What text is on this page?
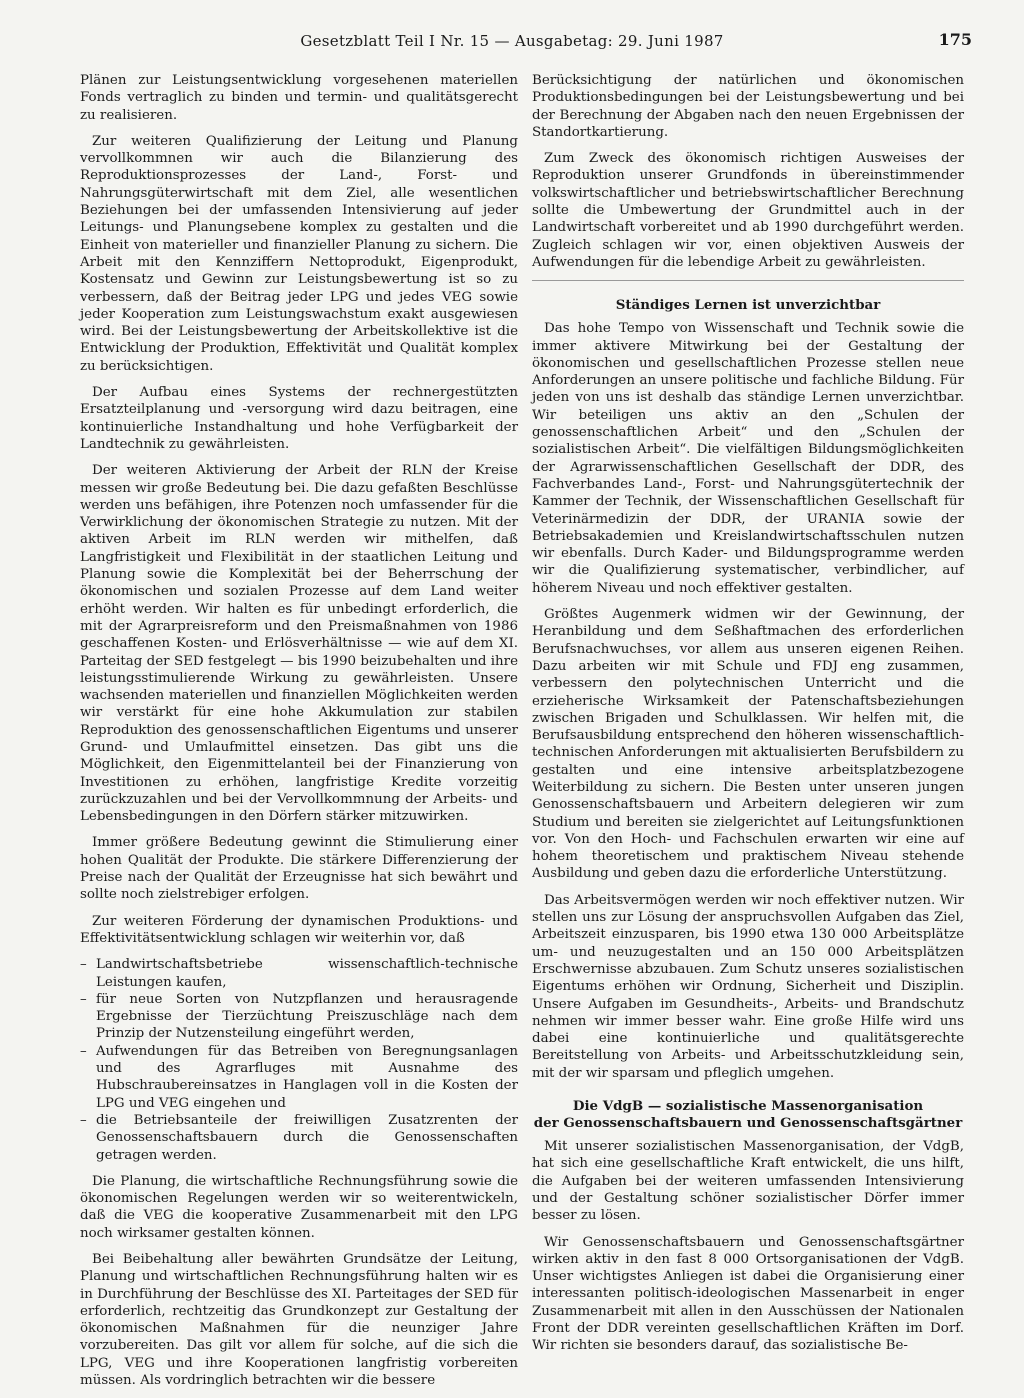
Gesetzblatt Teil I Nr. 15 — Ausgabetag: 29. Juni 1987	175

Plänen zur Leistungsentwicklung vorgesehenen materiellen Fonds vertraglich zu binden und termin- und qualitätsgerecht zu realisieren.

Zur weiteren Qualifizierung der Leitung und Planung vervollkommnen wir auch die Bilanzierung des Reproduktionsprozesses der Land-, Forst- und Nahrungsgüterwirtschaft mit dem Ziel, alle wesentlichen Beziehungen bei der umfassenden Intensivierung auf jeder Leitungs- und Planungsebene komplex zu gestalten und die Einheit von materieller und finanzieller Planung zu sichern. Die Arbeit mit den Kennziffern Nettoprodukt, Eigenprodukt, Kostensatz und Gewinn zur Leistungsbewertung ist so zu verbessern, daß der Beitrag jeder LPG und jedes VEG sowie jeder Kooperation zum Leistungswachstum exakt ausgewiesen wird. Bei der Leistungsbewertung der Arbeitskollektive ist die Entwicklung der Produktion, Effektivität und Qualität komplex zu berücksichtigen.

Der Aufbau eines Systems der rechnergestützten Ersatzteilplanung und -versorgung wird dazu beitragen, eine kontinuierliche Instandhaltung und hohe Verfügbarkeit der Landtechnik zu gewährleisten.

Der weiteren Aktivierung der Arbeit der RLN der Kreise messen wir große Bedeutung bei. Die dazu gefaßten Beschlüsse werden uns befähigen, ihre Potenzen noch umfassender für die Verwirklichung der ökonomischen Strategie zu nutzen. Mit der aktiven Arbeit im RLN werden wir mithelfen, daß Langfristigkeit und Flexibilität in der staatlichen Leitung und Planung sowie die Komplexität bei der Beherrschung der ökonomischen und sozialen Prozesse auf dem Land weiter erhöht werden. Wir halten es für unbedingt erforderlich, die mit der Agrarpreisreform und den Preismaßnahmen von 1986 geschaffenen Kosten- und Erlösverhältnisse — wie auf dem XI. Parteitag der SED festgelegt — bis 1990 beizubehalten und ihre leistungsstimulierende Wirkung zu gewährleisten. Unsere wachsenden materiellen und finanziellen Möglichkeiten werden wir verstärkt für eine hohe Akkumulation zur stabilen Reproduktion des genossenschaftlichen Eigentums und unserer Grund- und Umlaufmittel einsetzen. Das gibt uns die Möglichkeit, den Eigenmittelanteil bei der Finanzierung von Investitionen zu erhöhen, langfristige Kredite vorzeitig zurückzuzahlen und bei der Vervollkommnung der Arbeits- und Lebensbedingungen in den Dörfern stärker mitzuwirken.

Immer größere Bedeutung gewinnt die Stimulierung einer hohen Qualität der Produkte. Die stärkere Differenzierung der Preise nach der Qualität der Erzeugnisse hat sich bewährt und sollte noch zielstrebiger erfolgen.

Zur weiteren Förderung der dynamischen Produktions- und Effektivitätsentwicklung schlagen wir weiterhin vor, daß

– Landwirtschaftsbetriebe wissenschaftlich-technische Leistungen kaufen,
– für neue Sorten von Nutzpflanzen und herausragende Ergebnisse der Tierzüchtung Preiszuschläge nach dem Prinzip der Nutzensteilung eingeführt werden,
– Aufwendungen für das Betreiben von Beregnungsanlagen und des Agrarfluges mit Ausnahme des Hubschraubereinsatzes in Hanglagen voll in die Kosten der LPG und VEG eingehen und
– die Betriebsanteile der freiwilligen Zusatzrenten der Genossenschaftsbauern durch die Genossenschaften getragen werden.

Die Planung, die wirtschaftliche Rechnungsführung sowie die ökonomischen Regelungen werden wir so weiterentwickeln, daß die VEG die kooperative Zusammenarbeit mit den LPG noch wirksamer gestalten können.

Bei Beibehaltung aller bewährten Grundsätze der Leitung, Planung und wirtschaftlichen Rechnungsführung halten wir es in Durchführung der Beschlüsse des XI. Parteitages der SED für erforderlich, rechtzeitig das Grundkonzept zur Gestaltung der ökonomischen Maßnahmen für die neunziger Jahre vorzubereiten. Das gilt vor allem für solche, auf die sich die LPG, VEG und ihre Kooperationen langfristig vorbereiten müssen. Als vordringlich betrachten wir die bessere

Berücksichtigung der natürlichen und ökonomischen Produktionsbedingungen bei der Leistungsbewertung und bei der Berechnung der Abgaben nach den neuen Ergebnissen der Standortkartierung.

Zum Zweck des ökonomisch richtigen Ausweises der Reproduktion unserer Grundfonds in übereinstimmender volkswirtschaftlicher und betriebswirtschaftlicher Berechnung sollte die Umbewertung der Grundmittel auch in der Landwirtschaft vorbereitet und ab 1990 durchgeführt werden. Zugleich schlagen wir vor, einen objektiven Ausweis der Aufwendungen für die lebendige Arbeit zu gewährleisten.

Ständiges Lernen ist unverzichtbar

Das hohe Tempo von Wissenschaft und Technik sowie die immer aktivere Mitwirkung bei der Gestaltung der ökonomischen und gesellschaftlichen Prozesse stellen neue Anforderungen an unsere politische und fachliche Bildung. Für jeden von uns ist deshalb das ständige Lernen unverzichtbar. Wir beteiligen uns aktiv an den „Schulen der genossenschaftlichen Arbeit“ und den „Schulen der sozialistischen Arbeit“. Die vielfältigen Bildungsmöglichkeiten der Agrarwissenschaftlichen Gesellschaft der DDR, des Fachverbandes Land-, Forst- und Nahrungsgütertechnik der Kammer der Technik, der Wissenschaftlichen Gesellschaft für Veterinärmedizin der DDR, der URANIA sowie der Betriebsakademien und Kreislandwirtschaftsschulen nutzen wir ebenfalls. Durch Kader- und Bildungsprogramme werden wir die Qualifizierung systematischer, verbindlicher, auf höherem Niveau und noch effektiver gestalten.

Größtes Augenmerk widmen wir der Gewinnung, der Heranbildung und dem Seßhaftmachen des erforderlichen Berufsnachwuchses, vor allem aus unseren eigenen Reihen. Dazu arbeiten wir mit Schule und FDJ eng zusammen, verbessern den polytechnischen Unterricht und die erzieherische Wirksamkeit der Patenschaftsbeziehungen zwischen Brigaden und Schulklassen. Wir helfen mit, die Berufsausbildung entsprechend den höheren wissenschaftlich-technischen Anforderungen mit aktualisierten Berufsbildern zu gestalten und eine intensive arbeitsplatzbezogene Weiterbildung zu sichern. Die Besten unter unseren jungen Genossenschaftsbauern und Arbeitern delegieren wir zum Studium und bereiten sie zielgerichtet auf Leitungsfunktionen vor. Von den Hoch- und Fachschulen erwarten wir eine auf hohem theoretischem und praktischem Niveau stehende Ausbildung und geben dazu die erforderliche Unterstützung.

Das Arbeitsvermögen werden wir noch effektiver nutzen. Wir stellen uns zur Lösung der anspruchsvollen Aufgaben das Ziel, Arbeitszeit einzusparen, bis 1990 etwa 130 000 Arbeitsplätze um- und neuzugestalten und an 150 000 Arbeitsplätzen Erschwernisse abzubauen. Zum Schutz unseres sozialistischen Eigentums erhöhen wir Ordnung, Sicherheit und Disziplin. Unsere Aufgaben im Gesundheits-, Arbeits- und Brandschutz nehmen wir immer besser wahr. Eine große Hilfe wird uns dabei eine kontinuierliche und qualitätsgerechte Bereitstellung von Arbeits- und Arbeitsschutzkleidung sein, mit der wir sparsam und pfleglich umgehen.

Die VdgB — sozialistische Massenorganisation
der Genossenschaftsbauern und Genossenschaftsgärtner

Mit unserer sozialistischen Massenorganisation, der VdgB, hat sich eine gesellschaftliche Kraft entwickelt, die uns hilft, die Aufgaben bei der weiteren umfassenden Intensivierung und der Gestaltung schöner sozialistischer Dörfer immer besser zu lösen.

Wir Genossenschaftsbauern und Genossenschaftsgärtner wirken aktiv in den fast 8 000 Ortsorganisationen der VdgB. Unser wichtigstes Anliegen ist dabei die Organisierung einer interessanten politisch-ideologischen Massenarbeit in enger Zusammenarbeit mit allen in den Ausschüssen der Nationalen Front der DDR vereinten gesellschaftlichen Kräften im Dorf. Wir richten sie besonders darauf, das sozialistische Be-
